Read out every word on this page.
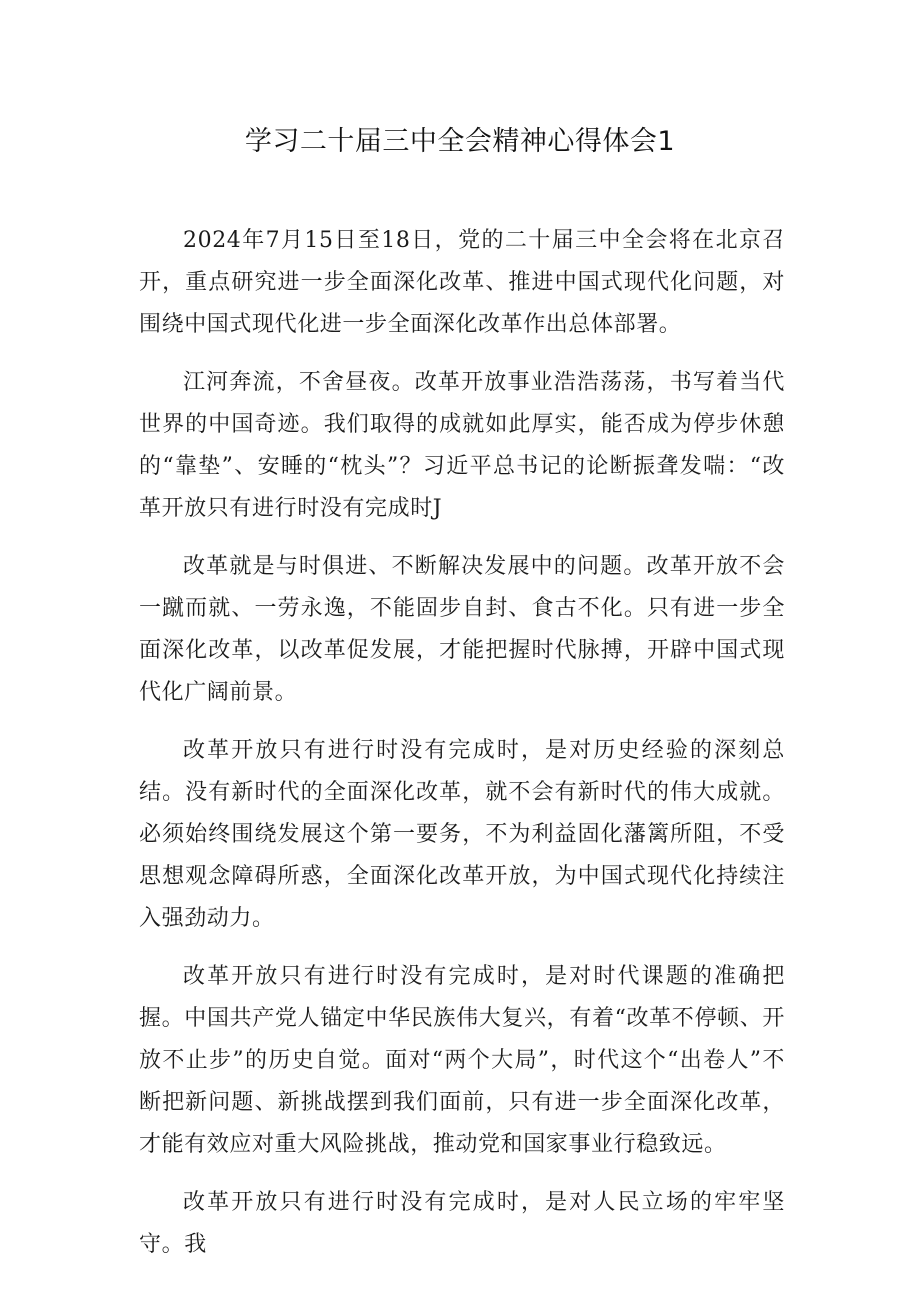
学习二十届三中全会精神心得体会1

2024年7月15日至18日，党的二十届三中全会将在北京召开，重点研究进一步全面深化改革、推进中国式现代化问题，对围绕中国式现代化进一步全面深化改革作出总体部署。

江河奔流，不舍昼夜。改革开放事业浩浩荡荡，书写着当代世界的中国奇迹。我们取得的成就如此厚实，能否成为停步休憩的“靠垫”、安睡的“枕头”？习近平总书记的论断振聋发喘：“改革开放只有进行时没有完成时J

改革就是与时俱进、不断解决发展中的问题。改革开放不会一蹴而就、一劳永逸，不能固步自封、食古不化。只有进一步全面深化改革，以改革促发展，才能把握时代脉搏，开辟中国式现代化广阔前景。

改革开放只有进行时没有完成时，是对历史经验的深刻总结。没有新时代的全面深化改革，就不会有新时代的伟大成就。必须始终围绕发展这个第一要务，不为利益固化藩篱所阻，不受思想观念障碍所惑，全面深化改革开放，为中国式现代化持续注入强劲动力。

改革开放只有进行时没有完成时，是对时代课题的准确把握。中国共产党人锚定中华民族伟大复兴，有着“改革不停顿、开放不止步”的历史自觉。面对“两个大局”，时代这个“出卷人”不断把新问题、新挑战摆到我们面前，只有进一步全面深化改革，才能有效应对重大风险挑战，推动党和国家事业行稳致远。

改革开放只有进行时没有完成时，是对人民立场的牢牢坚守。我
